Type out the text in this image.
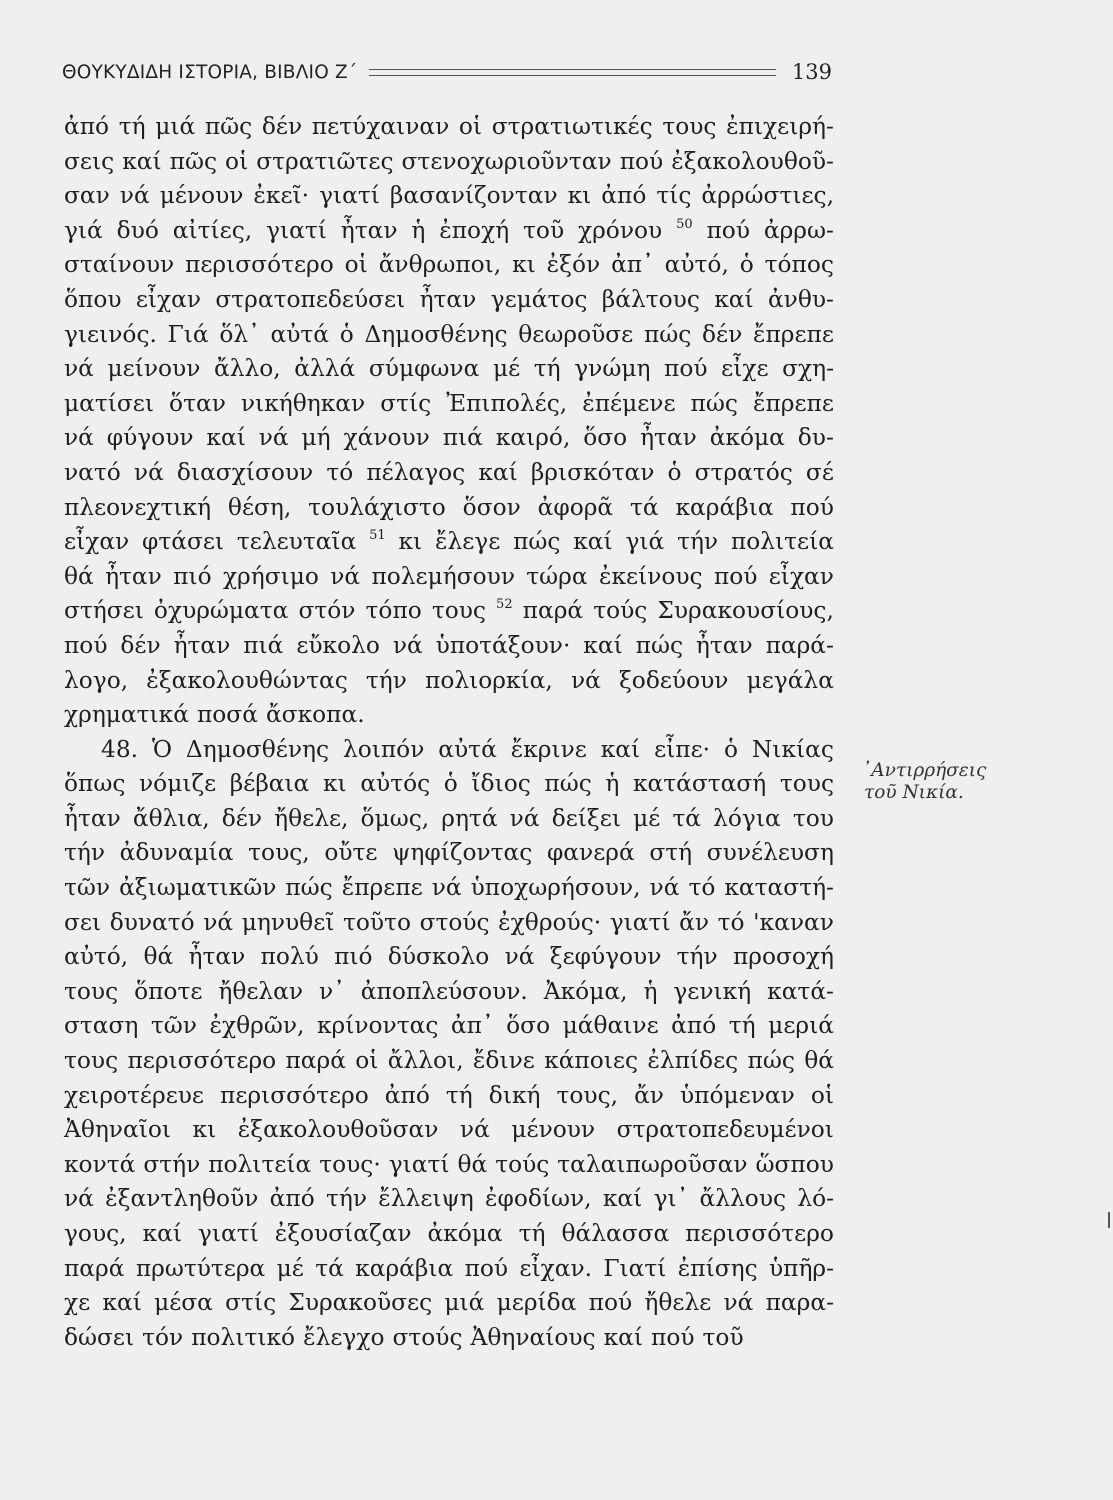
ΘΟΥΚΥΔΙΔΗ ΙΣΤΟΡΙΑ, ΒΙΒΛΙΟ Ζ΄	139
ἀπό τή μιά πῶς δέν πετύχαιναν οἱ στρατιωτικές τους ἐπιχειρή-
σεις καί πῶς οἱ στρατιῶτες στενοχωριοῦνταν πού ἐξακολουθοῦ-
σαν νά μένουν ἐκεῖ· γιατί βασανίζονταν κι ἀπό τίς ἀρρώστιες,
γιά δυό αἰτίες, γιατί ἦταν ἡ ἐποχή τοῦ χρόνου $^{50}$ πού ἀρρω-
σταίνουν περισσότερο οἱ ἄνθρωποι, κι ἐξόν ἀπ᾽ αὐτό, ὁ τόπος
ὅπου εἶχαν στρατοπεδεύσει ἦταν γεμάτος βάλτους καί ἀνθυ-
γιεινός. Γιά ὅλ᾽ αὐτά ὁ Δημοσθένης θεωροῦσε πώς δέν ἔπρεπε
νά μείνουν ἄλλο, ἀλλά σύμφωνα μέ τή γνώμη πού εἶχε σχη-
ματίσει ὅταν νικήθηκαν στίς Ἐπιπολές, ἐπέμενε πώς ἔπρεπε
νά φύγουν καί νά μή χάνουν πιά καιρό, ὅσο ἦταν ἀκόμα δυ-
νατό νά διασχίσουν τό πέλαγος καί βρισκόταν ὁ στρατός σέ
πλεονεχτική θέση, τουλάχιστο ὅσον ἀφορᾶ τά καράβια πού
εἶχαν φτάσει τελευταῖα $^{51}$ κι ἔλεγε πώς καί γιά τήν πολιτεία
θά ἦταν πιό χρήσιμο νά πολεμήσουν τώρα ἐκείνους πού εἶχαν
στήσει ὀχυρώματα στόν τόπο τους $^{52}$ παρά τούς Συρακουσίους,
πού δέν ἦταν πιά εὔκολο νά ὑποτάξουν· καί πώς ἦταν παρά-
λογο, ἐξακολουθώντας τήν πολιορκία, νά ξοδεύουν μεγάλα
χρηματικά ποσά ἄσκοπα.
48. Ὁ Δημοσθένης λοιπόν αὐτά ἔκρινε καί εἶπε· ὁ Νικίας
ὅπως νόμιζε βέβαια κι αὐτός ὁ ἴδιος πώς ἡ κατάστασή τους
ἦταν ἄθλια, δέν ἤθελε, ὅμως, ρητά νά δείξει μέ τά λόγια του
τήν ἀδυναμία τους, οὔτε ψηφίζοντας φανερά στή συνέλευση
τῶν ἀξιωματικῶν πώς ἔπρεπε νά ὑποχωρήσουν, νά τό καταστή-
σει δυνατό νά μηνυθεῖ τοῦτο στούς ἐχθρούς· γιατί ἄν τό 'καναν
αὐτό, θά ἦταν πολύ πιό δύσκολο νά ξεφύγουν τήν προσοχή
τους ὅποτε ἤθελαν ν᾽ ἀποπλεύσουν. Ἀκόμα, ἡ γενική κατά-
σταση τῶν ἐχθρῶν, κρίνοντας ἀπ᾽ ὅσο μάθαινε ἀπό τή μεριά
τους περισσότερο παρά οἱ ἄλλοι, ἔδινε κάποιες ἐλπίδες πώς θά
χειροτέρευε περισσότερο ἀπό τή δική τους, ἄν ὑπόμεναν οἱ
Ἀθηναῖοι κι ἐξακολουθοῦσαν νά μένουν στρατοπεδευμένοι
κοντά στήν πολιτεία τους· γιατί θά τούς ταλαιπωροῦσαν ὥσπου
νά ἐξαντληθοῦν ἀπό τήν ἔλλειψη ἐφοδίων, καί γι᾽ ἄλλους λό-
γους, καί γιατί ἐξουσίαζαν ἀκόμα τή θάλασσα περισσότερο
παρά πρωτύτερα μέ τά καράβια πού εἶχαν. Γιατί ἐπίσης ὑπῆρ-
χε καί μέσα στίς Συρακοῦσες μιά μερίδα πού ἤθελε νά παρα-
δώσει τόν πολιτικό ἔλεγχο στούς Ἀθηναίους καί πού τοῦ
᾽Αντιρρήσεις
τοῦ Νικία.
